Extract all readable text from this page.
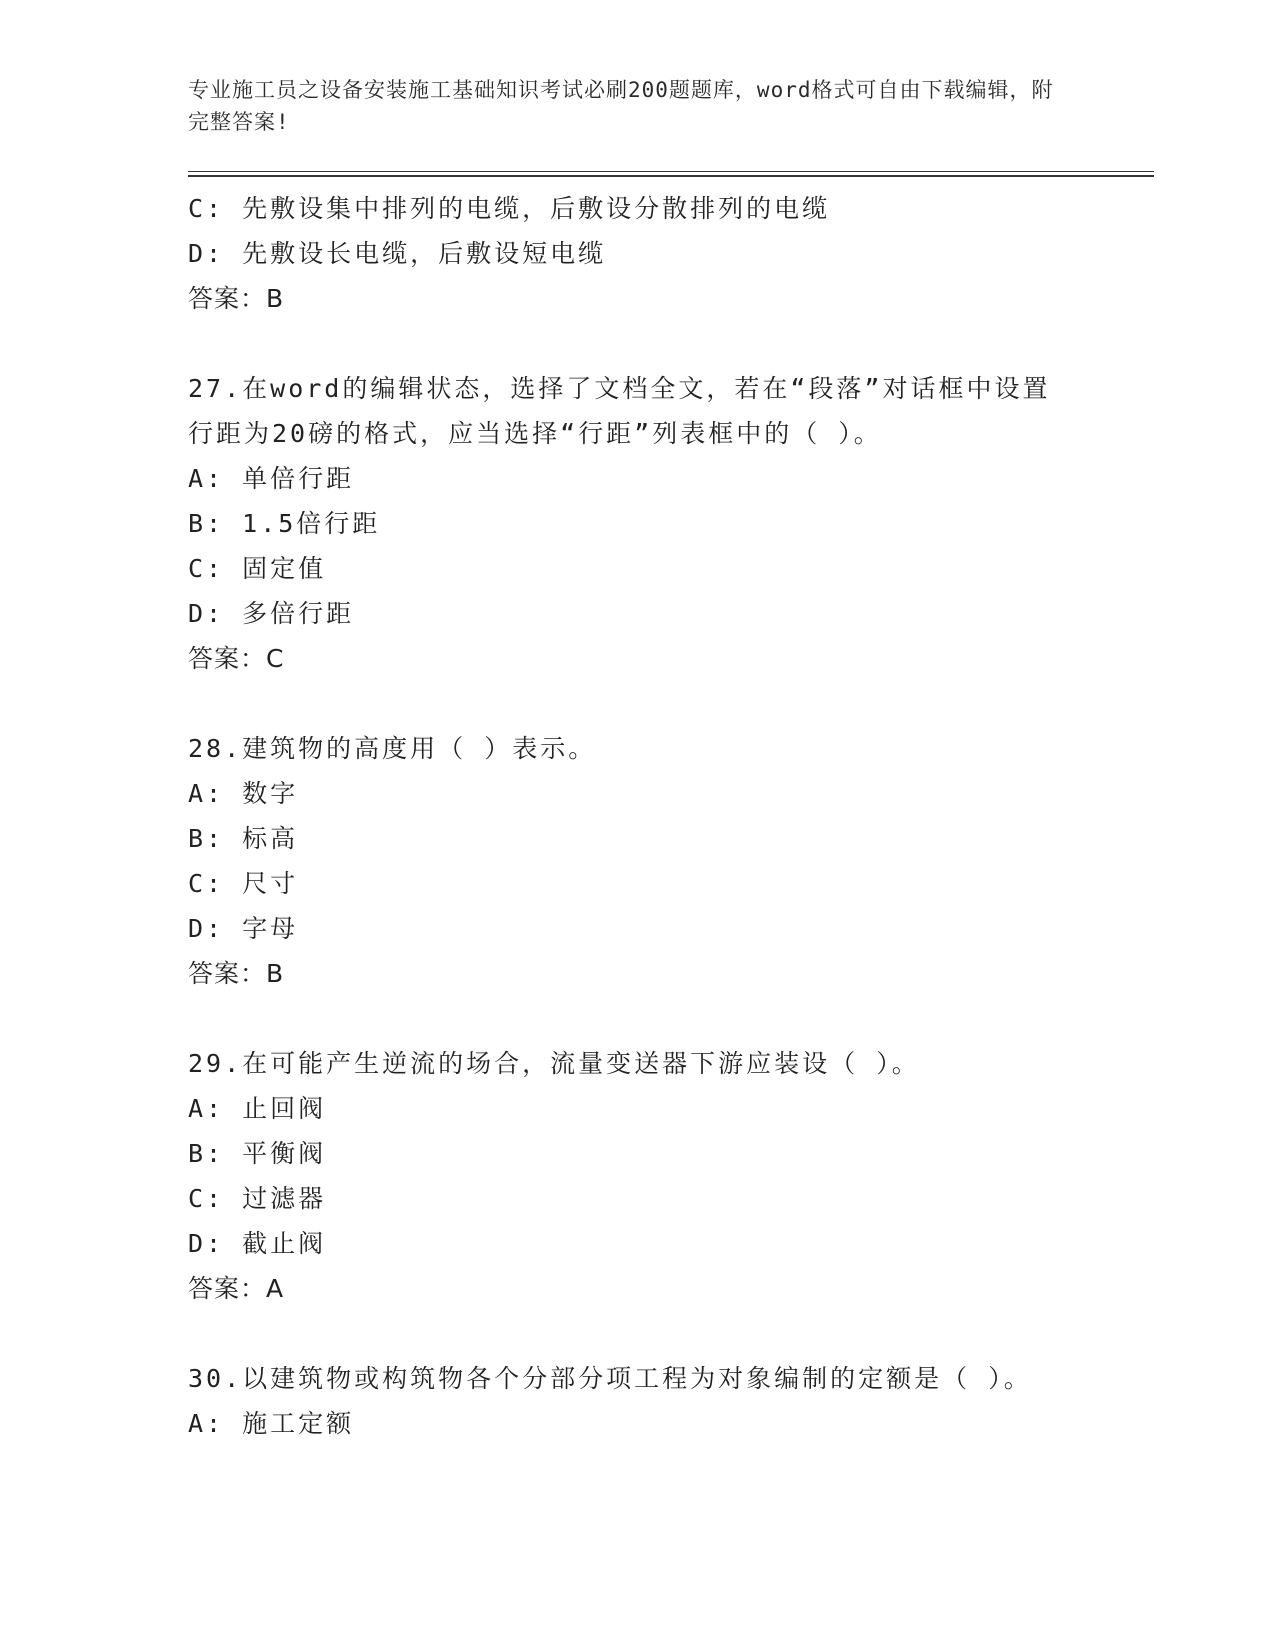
专业施工员之设备安装施工基础知识考试必刷200题题库，word格式可自由下载编辑，附完整答案!
C: 先敷设集中排列的电缆，后敷设分散排列的电缆
D: 先敷设长电缆，后敷设短电缆
答案：B
27.在word的编辑状态，选择了文档全文，若在“段落”对话框中设置行距为20磅的格式，应当选择“行距”列表框中的（ ）。
A: 单倍行距
B: 1.5倍行距
C: 固定值
D: 多倍行距
答案：C
28.建筑物的高度用（ ）表示。
A: 数字
B: 标高
C: 尺寸
D: 字母
答案：B
29.在可能产生逆流的场合，流量变送器下游应装设（ ）。
A: 止回阀
B: 平衡阀
C: 过滤器
D: 截止阀
答案：A
30.以建筑物或构筑物各个分部分项工程为对象编制的定额是（ ）。
A: 施工定额
